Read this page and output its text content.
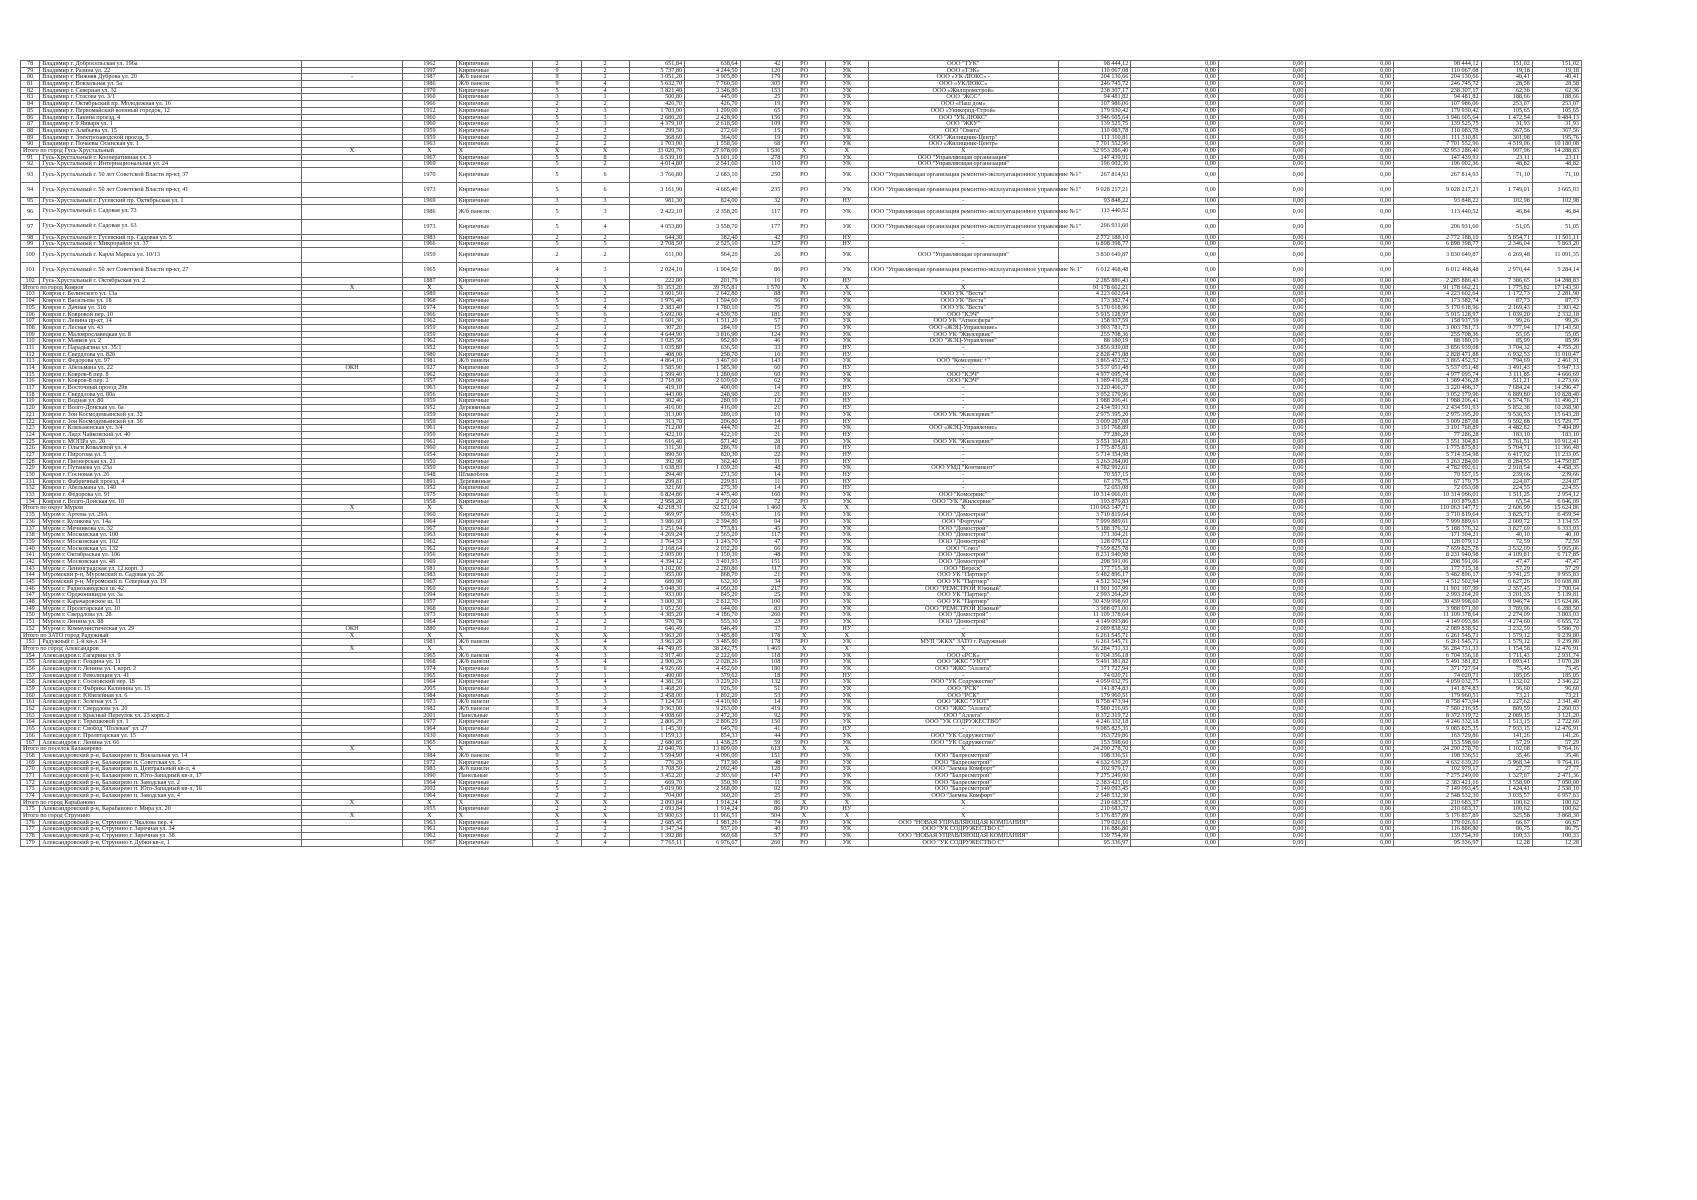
78	Владимир г. Добросельская ул. 196а		1962	Кирпичные	2	2	651,84	638,64	42	РО	УК	ООО "ТУК"	98 444,12	0,00	0,00	0,00	98 444,12	151,02	151,02
79	Владимир г. Разина ул. 22		1997	Кирпичные	9	2	5 737,80	4 244,50	120	РО	УК	ООО «ТЭК»	110 067,08	0,00	0,00	0,00	110 067,08	19,18	19,18
80	Владимир г. Нижняя Дуброва ул. 20	-	1987	Ж/б панели	9	2	3 051,20	3 905,80	179	РО	УК	ООО «УК ЛЮКС» -	204 130,66	0,00	0,00	0,00	204 130,66	40,41	40,41
81	Владимир г. Вокзальная ул. 5а		1986	Ж/б панели	9	4	5 632,70	7 760,50	305	РО	УК	ООО «УКЛЮКС»	246 745,72	0,00	0,00	0,00	246 745,72	28,58	28,58
82	Владимир г. Северная ул. 32		1970	Кирпичные	5	4	3 821,40	3 346,80	153	РО	УК	ООО «Жилпромстрой»	238 307,17	0,00	0,00	0,00	238 307,17	62,36	62,36
83	Владимир г. Стасова ул. 3/1		1960	Кирпичные	3	1	500,80	445,00	25	РО	УК	ООО "ЖСС"	94 481,82	0,00	0,00	0,00	94 481,82	188,66	188,66
84	Владимир г. Октябрьский пр. Молодежная ул. 16		1966	Кирпичные	2	2	426,70	426,70	19	РО	УК	ООО «Наш дом»	107 986,06	0,00	0,00	0,00	107 986,06	253,07	253,07
85	Владимир г. Первомайский военный городок, 12		1912	Кирпичные	2	3	1 703,00	1 299,00	65	РО	УК	ООО «Уникорпд-Строй»	179 930,42	0,00	0,00	0,00	179 930,42	105,65	105,65
86	Владимир г. Лакина проезд, 4		1960	Кирпичные	5	3	2 680,20	2 428,90	156	РО	УК	ООО "УК ЛЮКС"	3 946 605,64	0,00	0,00	0,00	3 946 605,64	1 472,54	9 484,13
87	Владимир г. 9 Января ул. 1		1960	Кирпичные	5	3	4 379,10	2 618,50	109	РО	УК	ООО "ЖКУ"	139 525,75	0,00	0,00	0,00	139 525,75	31,93	31,93
88	Владимир г. Алябьева ул. 15		1959	Кирпичные	2	2	299,50	272,60	15	РО	УК	ООО "Омега"	110 083,78	0,00	0,00	0,00	110 083,78	367,56	367,56
89	Владимир г. Электрозаводской проезд, 5		1959	Кирпичные	2	2	368,60	364,00	19	РО	УК	ООО "Жилищник-Центр"	111 310,81	0,00	0,00	0,00	111 310,81	301,98	195,76
90	Владимир г. Почаевы Осинская ул. 1		1963	Кирпичные	2	2	1 703,00	1 558,50	68	РО	УК	ООО «Жилищник-Центр»	7 701 552,96	0,00	0,00	0,00	7 701 552,96	4 519,06	10 180,08
Итого по город Гусь-Хрустальный		X	X	X	X	X	33 020,70	27 978,00	1 536	X	X	X	32 953 286,40	0,00	0,00	0,00	32 953 286,40	997,96	14 288,83
91	Гусь-Хрустальный г. Кооперативная ул. 3		1967	Кирпичные	5	8	6 539,10	5 601,10	278	РО	УК	ООО "Управляющая организация"	147 439,91	0,00	0,00	0,00	147 439,91	23,11	23,11
92	Гусь-Хрустальный г. Интернациональная ул. 24		1969	Кирпичные	5	2	4 014,80	2 541,60	110	РО	УК	ООО "Управляющая организация"	196 002,36	0,00	0,00	0,00	196 002,36	48,82	48,82
93	Гусь-Хрустальный г. 50 лет Советской Власти пр-кт, 37		1970	Кирпичные	5	6	3 766,80	2 683,10	250	РО	УК	ООО "Управляющая организация ремонтно-эксплуатационное управление №1"	267 814,93	0,00	0,00	0,00	267 814,93	71,10	71,10
94	Гусь-Хрустальный г. 50 лет Советской Власти пр-кт, 41		1973	Кирпичные	5	6	3 161,90	4 665,40	235	РО	УК	ООО "Управляющая организация ремонтно-эксплуатационное управление №1"	9 028 217,21	0,00	0,00	0,00	9 028 217,21	1 749,01	3 665,03
95	Гусь-Хрустальный г. Гусевский пр. Октябрьская ул. 1		1969	Кирпичные	3	3	981,30	824,00	32	РО	НУ	-	93 848,22	0,00	0,00	0,00	93 848,22	102,98	102,98
96	Гусь-Хрустальный г. Садовая ул. 73		1986	Ж/б панели	5	3	2 422,10	2 358,20	117	РО	УК	ООО "Управляющая организация ремонтно-эксплуатационное управление №1"	113 440,52	0,00	0,00	0,00	113 440,52	46,84	46,84
97	Гусь-Хрустальный г. Садовая ул. 63		1973	Кирпичные	5	4	4 053,80	3 558,70	177	РО	УК	ООО "Управляющая организация ремонтно-эксплуатационное управление №1"	206 931,60	0,00	0,00	0,00	206 931,60	51,05	51,05
98	Гусь-Хрустальный г. Гусевский пр. Садовая ул. 5		1983	Кирпичные	2	2	644,30	382,40	42	РО	НУ	-	2 772 188,10	0,00	0,00	0,00	2 772 188,10	5 854,71	11 501,11
99	Гусь-Хрустальный г. Микрорайон ул. 37		1966	Кирпичные	5	5	2 708,50	2 525,10	127	РО	НУ	-	6 898 398,77	0,00	0,00	0,00	6 898 398,77	2 346,04	5 863,20
100	Гусь-Хрустальный г. Карла Маркса ул. 10/13		1959	Кирпичные	2	2	611,00	564,20	26	РО	УК	ООО "Управляющая организация"	3 830 649,87	0,00	0,00	0,00	3 830 649,87	6 269,48	11 091,35
101	Гусь-Хрустальный г. 50 лет Советской Власти пр-кт, 27		1965	Кирпичные	4	3	2 024,10	1 904,50	86	РО	УК	ООО "Управляющая организация ремонтно-эксплуатационное управление № 1"	6 012 468,48	0,00	0,00	0,00	6 012 468,48	2 970,44	5 284,14
102	Гусь-Хрустальный г. Октябрьская ул. 2		1887	Кирпичные	2	1	222,00	201,79	16	РО	НУ	-	2 285 886,43	0,00	0,00	0,00	2 285 886,43	7 386,65	14 288,83
Итого по город Ковров		X	X	X	X	X	51 353,20	39 765,81	1 570	X	X	X	91 178 662,21	0,00	0,00	0,00	91 178 662,21	1 775,82	17 143,50
103	Ковров г. Белинского ул. 13а		1989	Кирпичные	5	2	3 601,50	2 642,80	88	РО	УК	ООО УК "Веста"	4 223 602,64	0,00	0,00	0,00	4 223 602,64	1 172,73	2 281,90
104	Ковров г. Васильева ул. 18		1968	Кирпичные	5	2	1 976,40	1 594,60	56	РО	УК	ООО УК "Веста"	173 382,74	0,00	0,00	0,00	173 382,74	87,73	87,73
105	Ковров г. Дачная ул. 31б		1974	Кирпичные	5	4	2 383,40	1 780,10	75	РО	УК	ООО УК "Веста"	5 170 618,96	0,00	0,00	0,00	5 170 618,96	2 169,43	3 303,42
106	Ковров г. Ковровой пер. 10		1966	Кирпичные	5	6	5 692,00	4 539,70	181	РО	УК	ООО "КЭЧ"	5 915 128,97	0,00	0,00	0,00	5 915 128,97	1 039,20	2 332,18
107	Ковров г. Ленина пр-кт, 14		1962	Кирпичные	5	2	1 601,30	1 511,20	57	РО	УК	ООО УК "Атмосфера"	158 937,59	0,00	0,00	0,00	158 937,59	99,26	99,26
108	Ковров г. Лесная ул. 43		1959	Кирпичные	2	1	307,20	284,10	15	РО	УК	ООО «ЖЭЦ-Управление»	3 003 781,73	0,00	0,00	0,00	3 003 781,73	9 777,94	17 143,50
109	Ковров г. Малоярославецкая ул. 8		1959	Кирпичные	4	4	4 644,90	3 816,90	124	РО	УК	ООО УК "Жилсервис"	255 708,36	0,00	0,00	0,00	255 708,36	55,05	55,05
110	Ковров г. Маяков ул. 2		1962	Кирпичные	2	2	1 025,50	952,80	46	РО	УК	ООО "ЖЭЦ-Управление"	88 180,19	0,00	0,00	0,00	88 180,19	85,99	85,99
111	Ковров г. Парадыгина ул. 35/1		1952	Кирпичные	5	2	1 035,80	636,50	33	РО	НУ	-	3 856 939,08	0,00	0,00	0,00	3 856 939,08	3 704,32	4 755,20
112	Ковров г. Свердлова ул. 82б		1980	Кирпичные	2	1	408,00	258,70	10	РО	НУ	-	2 828 471,88	0,00	0,00	0,00	2 828 471,88	6 932,53	11 010,47
113	Ковров г. Федорова ул. 97		1981	Ж/б панели	5	5	4 864,10	3 467,60	143	РО	УК	ООО "Комсервис +"	3 865 452,52	0,00	0,00	0,00	3 865 452,52	794,69	2 461,31
114	Ковров г. Абельмана ул. 22	ОКН	1927	Кирпичные	3	2	1 585,90	1 585,90	60	РО	НУ	-	5 537 051,48	0,00	0,00	0,00	5 537 051,48	3 491,43	5 947,13
115	Ковров г. Ковров-8 пер. 8		1962	Кирпичные	3	3	1 599,40	1 280,60	60	РО	УК	ООО "КЭЧ"	4 977 095,74	0,00	0,00	0,00	4 977 095,74	3 111,85	4 666,69
116	Ковров г. Ковров-8 пер. 2		1957	Кирпичные	4	4	2 718,00	2 039,60	62	РО	УК	ООО "КЭЧ"	1 389 436,28	0,00	0,00	0,00	1 389 436,28	511,21	1 273,66
117	Ковров г. Восточный проезд 29в		1963	Кирпичные	2	1	419,10	400,00	14	РО	НУ	-	3 220 466,37	0,00	0,00	0,00	3 220 466,37	7 684,24	14 296,47
118	Ковров г. Свердлова ул. 80а		1956	Кирпичные	2	1	443,00	248,90	21	РО	НУ	-	3 052 179,96	0,00	0,00	0,00	3 052 179,96	6 889,80	10 828,40
119	Ковров г. Водная ул. 80		1959	Кирпичные	2	1	302,40	280,10	12	РО	НУ	-	1 988 206,41	0,00	0,00	0,00	1 988 206,41	6 574,76	11 496,21
120	Ковров г. Волго-Донская ул. 6а		1952	Деревянные	2	1	416,00	416,00	21	РО	НУ	-	2 434 591,93	0,00	0,00	0,00	2 434 591,93	5 852,38	10 268,90
121	Ковров г. Зои Космодемьянской ул. 32		1959	Кирпичные	2	1	313,00	289,10	10	РО	УК	ООО УК "Жилсервис"	2 975 395,20	0,00	0,00	0,00	2 975 395,20	9 536,53	15 643,28
122	Ковров г. Зои Космодемьянской ул. 36		1959	Кирпичные	2	1	313,70	206,80	14	РО	НУ	-	3 009 287,08	0,00	0,00	0,00	3 009 287,08	9 592,88	15 729,77
123	Ковров г. Клязьменская ул. 3/4		1961	Кирпичные	2	1	712,00	444,70	21	РО	УК	ООО «ЖЭЦ-Управление»	3 191 768,89	0,00	0,00	0,00	3 191 768,89	4 482,82	7 404,89
124	Ковров г. Лядх Чайковский ул. 40		1959	Кирпичные	2	1	422,10	422,10	21	РО	НУ	-	77 286,28	0,00	0,00	0,00	77 286,28	183,10	183,10
125	Ковров г. МОПРа ул. 20		1961	Кирпичные	2	1	616,40	571,40	28	РО	УК	ООО УК "Жилсервис"	3 551 304,81	0,00	0,00	0,00	3 551 304,81	5 761,51	10 912,41
126	Ковров г. Ольги Ковалевой ул. 4		1960	Кирпичные	2	1	311,30	286,70	18	РО	НУ	-	1 775 875,81	0,00	0,00	0,00	1 775 875,81	5 704,71	11 366,48
127	Ковров г. Пирогова ул. 5		1954	Кирпичные	2	1	890,50	820,30	22	РО	НУ	-	5 714 354,98	0,00	0,00	0,00	5 714 354,98	6 417,02	11 233,05
128	Ковров г. Пионерская ул. 21		1950	Кирпичные	2	1	392,90	362,40	11	РО	НУ	-	3 263 284,00	0,00	0,00	0,00	3 263 284,00	8 284,55	14 750,87
129	Ковров г. Путанева ул. 23а		1959	Кирпичные	3	3	1 638,83	1 039,20	48	РО	УК	ООО УМД "Континент"	4 782 992,61	0,00	0,00	0,00	4 782 992,61	2 918,54	4 458,35
130	Ковров г. Сосновая ул. 26		1948	Шлакоблок	2	1	294,40	271,50	14	РО	НУ	-	70 557,15	0,00	0,00	0,00	70 557,15	239,66	239,66
131	Ковров г. Фабричный проезд, 4		1891	Деревянные	2	1	299,81	229,81	11	РО	НУ	-	67 179,75	0,00	0,00	0,00	67 179,75	224,07	224,07
132	Ковров г. Абельмана ул. 140		1952	Кирпичные	2	1	321,60	275,30	14	РО	НУ	-	72 053,08	0,00	0,00	0,00	72 053,08	224,55	224,55
133	Ковров г. Федорова ул. 91		1975	Кирпичные	5	6	6 824,86	4 475,40	160	РО	УК	ООО "Комсервис"	10 314 066,01	0,00	0,00	0,00	10 314 066,01	1 511,25	2 954,12
134	Ковров г. Волго-Донская ул. 10		1958	Кирпичные	3	4	2 958,20	2 271,00	72	РО	УК	ООО "УК "Жилсервис"	193 879,83	0,00	0,00	0,00	193 879,83	65,54	6 046,09
Итого по округ Муром		X	X	X	X	X	42 218,31	32 521,04	1 460	X	X	X	110 063 147,71	0,00	0,00	0,00	110 063 147,71	2 606,99	15 624,86
135	Муром г. Артема ул. 29А		1960	Кирпичные	2	2	969,97	559,43	16	РО	УК	ООО "Домострой"	3 710 819,64	0,00	0,00	0,00	3 710 819,64	3 825,71	6 459,54
136	Муром г. Куликова ул. 14а		1964	Кирпичные	4	3	3 986,60	2 394,80	94	РО	УК	ООО "Фортуна"	7 999 889,61	0,00	0,00	0,00	7 999 889,61	2 009,72	3 134,55
137	Муром г. Мечникова ул. 32		1967	Кирпичные	3	2	1 251,94	773,81	45	РО	УК	ООО "Домострой"	5 188 376,32	0,00	0,00	0,00	5 188 376,32	3 827,69	6 333,03
138	Муром г. Московская ул. 100		1963	Кирпичные	4	4	4 269,24	2 565,20	117	РО	УК	ООО "Домострой"	171 304,21	0,00	0,00	0,00	171 304,21	40,10	40,10
139	Муром г. Московская ул. 102		1962	Кирпичные	2	2	1 764,53	1 243,70	47	РО	УК	ООО "Домострой"	128 079,12	0,00	0,00	0,00	128 079,12	72,59	72,59
140	Муром г. Московская ул. 132		1962	Кирпичные	4	3	2 168,64	2 032,20	66	РО	УК	ООО "Союз"	7 659 825,78	0,00	0,00	0,00	7 659 825,78	3 532,09	5 065,06
141	Муром г. Октябрьская ул. 106		1956	Кирпичные	3	2	2 005,00	1 150,30	48	РО	УК	ООО "Домострой"	8 231 940,98	0,00	0,00	0,00	8 231 940,98	4 109,81	6 717,85
142	Муром г. Московская ул. 48		1969	Кирпичные	5	4	4 394,12	3 401,93	151	РО	УК	ООО "Домострой"	208 591,06	0,00	0,00	0,00	208 591,06	47,47	47,47
143	Муром г. Ленинградская ул. 12 корп. 3		1981	Кирпичные	5	3	3 102,00	2 280,80	117	РО	УК	ООО "Вереск"	177 715,38	0,00	0,00	0,00	177 715,38	57,29	57,29
144	Муромский р-н, Муромский п. Садовая ул. 26		1983	Кирпичные	2	2	955,00	868,70	21	РО	УК	ООО УК "Партнер"	5 482 896,17	0,00	0,00	0,00	5 482 896,17	5 741,25	9 955,83
145	Муромский р-н, Муромский п. Северная ул. 19		1967	Кирпичные	2	2	680,90	632,30	34	РО	УК	ООО УК "Партнер"	4 512 502,94	0,00	0,00	0,00	4 512 502,94	6 627,26	10 608,80
146	Муром г. Радиозаводское ш. 42		1969	Кирпичные	5	4	5 048,30	4 050,20	217	РО	УК	ООО "РЕМСТРОЙ Южный"	11 901 107,99	0,00	0,00	0,00	11 901 107,99	2 357,45	3 700,64
147	Муром г. Орджоникидзе ул. 3а		1994	Кирпичные	3	2	933,00	845,20	25	РО	УК	ООО УК "Партнер"	2 993 264,29	0,00	0,00	0,00	2 993 264,29	3 201,35	5 139,81
148	Муром г. Карачаровское ш. 11		1957	Кирпичные	3	4	3 000,30	2 812,70	100	РО	УК	ООО УК "Партнер"	30 439 998,60	0,00	0,00	0,00	30 439 998,60	9 946,74	15 624,86
149	Муром г. Пролетарская ул. 10		1968	Кирпичные	2	2	1 052,50	644,00	83	РО	УК	ООО "РЕМСТРОЙ Южный"	3 988 071,00	0,00	0,00	0,00	3 988 071,00	3 789,06	6 288,50
150	Муром г. Свердлова ул. 28		1973	Кирпичные	5	5	4 385,20	4 186,70	260	РО	УК	ООО "Домострой"	11 109 378,64	0,00	0,00	0,00	11 109 378,64	2 274,09	3 803,03
151	Муром г. Ленина ул. 88		1964	Кирпичные	2	2	970,78	555,30	23	РО	УК	ООО "Домострой"	4 149 093,86	0,00	0,00	0,00	4 149 093,86	4 274,60	6 655,72
152	Муром г. Коммунистическая ул. 29	ОКН	1880	Кирпичные	2	1	646,49	646,49	37	РО	НУ	-	2 089 838,92	0,00	0,00	0,00	2 089 838,92	3 232,59	5 586,70
Итого по ЗАТО город Радужный		X	X	X	X	X	3 963,20	3 485,80	178	X	X	X	6 261 545,71	0,00	0,00	0,00	6 261 545,71	1 579,12	9 239,80
153	Радужный г. 1-й кв-л. 34		1981	Ж/б панели	5	4	3 963,20	3 485,80	178	РО	УК	МУП "ЖКХ" ЗАТО г. Радужный	6 261 545,71	0,00	0,00	0,00	6 261 545,71	1 579,12	9 239,80
Итого по город Александров		X	X	X	X	X	44 749,05	38 242,75	1 465	X	X	X	56 284 731,33	0,00	0,00	0,00	56 284 731,33	1 154,58	12 476,91
154	Александров г. Гагарина ул. 9		1965	Ж/б панели	4	3	2 917,40	2 222,60	118	РО	УК	ООО «РСК»	6 704 356,18	0,00	0,00	0,00	6 704 356,18	1 711,43	2 931,74
155	Александров г. Геодина ул. 11		1968	Ж/б панели	5	4	2 900,26	2 028,26	108	РО	УК	ООО "ЖКС "УЮТ"	5 491 381,82	0,00	0,00	0,00	5 491 381,82	1 893,41	3 070,28
156	Александров г. Ленина ул. 1 корп. 2		1974	Кирпичные	5	6	4 926,60	4 452,60	180	РО	УК	ООО "ЖКС "Аллега"	371 727,94	0,00	0,00	0,00	371 727,94	75,45	75,45
157	Александров г. Революции ул. 41		1965	Кирпичные	2	1	490,00	379,62	18	РО	НУ	-	74 020,71	0,00	0,00	0,00	74 020,71	185,05	185,05
158	Александров г. Сосновский пер. 18		1964	Кирпичные	5	4	4 381,50	3 229,20	132	РО	УК	ООО "УК Содружество"	4 059 032,75	0,00	0,00	0,00	4 059 032,75	1 132,02	2 346,22
159	Александров г. Фабрика Калинина ул. 15		2005	Кирпичные	3	3	1 468,20	926,50	51	РО	УК	ООО "РСК"	141 874,83	0,00	0,00	0,00	141 874,83	96,60	96,60
160	Александров г. Юбилейная ул. 6		1984	Кирпичные	5	2	2 458,00	1 892,20	53	РО	УК	ООО "РСК"	179 960,51	0,00	0,00	0,00	179 960,51	73,21	73,21
161	Александров г. Зеленая ул. 5		1973	Ж/б панели	5	3	7 124,50	4 410,90	14	РО	УК	ООО "ЖКС "УЮТ"	8 758 473,94	0,00	0,00	0,00	8 758 473,94	1 227,62	2 341,40
162	Александров г. Свердлова ул. 20		1982	Ж/б панели	9	4	9 363,00	9 263,00	419	РО	УК	ООО "ЖКС "Аллега"	7 580 216,95	0,00	0,00	0,00	7 580 216,95	809,59	2 260,03
163	Александров г. Красный Переулок ул. 23 корп. 2		2001	Панельные	5	3	4 008,60	2 472,30	92	РО	УК	ООО "Аллега"	8 372 319,72	0,00	0,00	0,00	8 372 319,72	2 089,15	3 121,20
164	Александров г. Терешковой ул. 1		1977	Кирпичные	2	2	2 806,29	2 806,29	150	РО	УК	ООО "УК СОДРУЖЕСТВО"	4 246 332,18	0,00	0,00	0,00	4 246 332,18	1 513,15	2 722,60
165	Александров г. Свобод "Полевая" ул. 27		1964	Кирпичные	2	1	1 145,30	645,70	41	РО	НУ	-	9 085 825,35	0,00	0,00	0,00	9 085 825,35	7 933,15	12 476,91
166	Александров г. Пролетарская ул. 15		1930	Кирпичные	3	3	1 159,13	854,33	44	РО	УК	ООО "УК Содружество"	163 729,86	0,00	0,00	0,00	163 729,86	141,26	141,26
167	Александров г. Ленина ул. 66		1965	Кирпичные	2	2	2 680,85	1 438,25	59	РО	УК	ООО "УК Содружество"	153 598,60	0,00	0,00	0,00	153 598,60	57,29	57,29
Итого по поселок Балакирево		X	X	X	X	X	22 040,70	13 809,00	613	X	X	X	24 290 278,70	0,00	0,00	0,00	24 290 278,70	1 102,08	9 764,16
168	Александровский р-н, Балакирево п. Вокзальная ул. 14		1984	Ж/б панели	9	2	5 594,90	4 096,00	151	РО	УК	ООО "Балресметрой"	198 336,51	0,00	0,00	0,00	198 336,51	35,46	35,46
169	Александровский р-н, Балакирево п. Советская ул. 5		1972	Кирпичные	2	2	776,20	717,90	48	РО	УК	ООО "Балресметрой"	4 632 639,20	0,00	0,00	0,00	4 632 639,20	5 968,34	9 764,16
170	Александровский р-н, Балакирево п. Центральный кв-л, 4		1983	Ж/б панели	5	5	3 708,50	2 092,40	128	РО	УК	ООО "Заемна Комфорт"	102 979,17	0,00	0,00	0,00	102 979,17	27,77	27,77
171	Александровский р-н, Балакирево п. Юго-Западный кв-л, 17		1990	Панельные	5	5	3 452,20	2 303,60	147	РО	УК	ООО "Балресметрой"	7 275 249,00	0,00	0,00	0,00	7 275 249,00	1 327,07	2 471,36
172	Александровский р-н, Балакирево п. Заводская ул. 2		1964	Кирпичные	2	2	669,70	350,30	11	РО	УК	ООО "Балресметрой"	2 383 421,16	0,00	0,00	0,00	2 383 421,16	3 558,90	7 050,00
173	Александровский р-н, Балакирево п. Юго-Западный кв-л, 16		2002	Кирпичные	5	3	5 019,00	2 568,00	92	РО	УК	ООО "Балресметрой"	7 149 093,45	0,00	0,00	0,00	7 149 093,45	1 424,41	2 538,10
174	Александровский р-н, Балакирево п. Заводская ул. 4		1964	Кирпичные	2	2	704,00	360,20	25	РО	УК	ООО "Заемна Комфорт"	2 548 532,30	0,00	0,00	0,00	2 548 532,30	3 035,57	6 957,63
Итого по город Карабаново		X	X	X	X	X	2 093,84	1 914,24	86	X	X	X	210 683,37	0,00	0,00	0,00	210 683,37	100,62	100,62
175	Александровский р-н, Карабаново г. Мира ул. 20		1955	Кирпичные	2	2	2 093,84	1 914,24	86	РО	НУ	-	210 683,37	0,00	0,00	0,00	210 683,37	100,62	100,62
Итого по город Струнино		X	X	X	X	X	15 900,63	11 966,51	504	X	X	X	5 176 857,89	0,00	0,00	0,00	5 176 857,89	325,58	3 868,30
176	Александровский р-н, Струнино г. Чкалова пер. 4		1963	Кирпичные	5	4	2 685,45	1 981,26	74	РО	УК	ООО "НОВАЯ УПРАВЛЯЮЩАЯ КОМПАНИЯ"	179 026,61	0,00	0,00	0,00	179 026,61	66,67	66,67
177	Александровский р-н, Струнино г. Заречная ул. 34		1961	Кирпичные	2	2	1 347,34	937,10	40	РО	УК	ООО "УК СОДРУЖЕСТВО С"	116 886,80	0,00	0,00	0,00	116 886,80	86,75	86,75
178	Александровский р-н, Струнино г. Заречная ул. 38		1962	Кирпичные	2	2	1 392,88	969,68	57	РО	УК	ООО "НОВАЯ УПРАВЛЯЮЩАЯ КОМПАНИЯ"	139 754,39	0,00	0,00	0,00	139 754,39	100,33	100,33
179	Александровский р-н, Струнино г. Дубки кв-л, 1		1967	Кирпичные	5	4	7 765,11	6 976,67	260	РО	УК	ООО "УК СОДРУЖЕСТВО С"	95 336,97	0,00	0,00	0,00	95 336,97	12,28	12,28
